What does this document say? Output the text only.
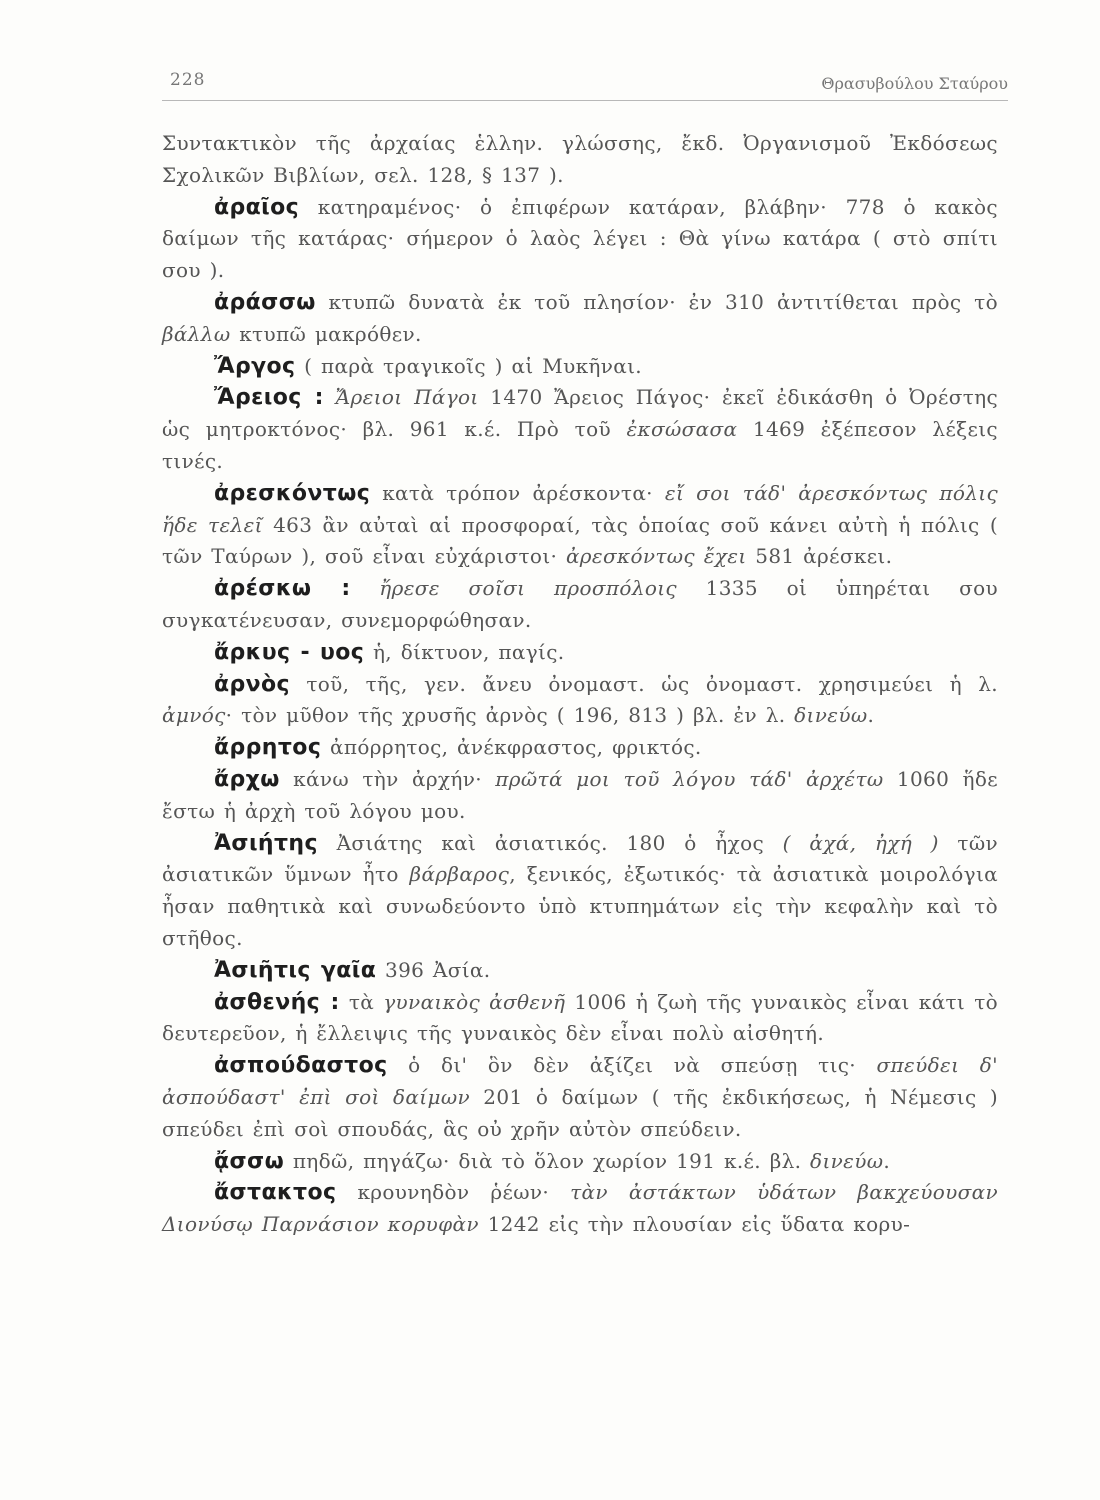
228	Θρασυβούλου Σταύρου

Συντακτικὸν τῆς ἀρχαίας ἑλλην. γλώσσης, ἔκδ. Ὀργανισμοῦ Ἐκδόσεως Σχολικῶν Βιβλίων, σελ. 128, § 137 ).

ἀραῖος κατηραμένος· ὁ ἐπιφέρων κατάραν, βλάβην· 778 ὁ κακὸς δαίμων τῆς κατάρας· σήμερον ὁ λαὸς λέγει : Θὰ γίνω κατάρα ( στὸ σπίτι σου ).

ἀράσσω κτυπῶ δυνατὰ ἐκ τοῦ πλησίον· ἐν 310 ἀντιτίθεται πρὸς τὸ βάλλω κτυπῶ μακρόθεν.

Ἄργος ( παρὰ τραγικοῖς ) αἱ Μυκῆναι.

Ἄρειος : Ἄρειοι Πάγοι 1470 Ἄρειος Πάγος· ἐκεῖ ἐδικάσθη ὁ Ὀρέστης ὡς μητροκτόνος· βλ. 961 κ.έ. Πρὸ τοῦ ἐκσώσασα 1469 ἐξέπεσον λέξεις τινές.

ἀρεσκόντως κατὰ τρόπον ἀρέσκοντα· εἴ σοι τάδ' ἀρεσκόντως πόλις ἥδε τελεῖ 463 ἂν αὐταὶ αἱ προσφοραί, τὰς ὁποίας σοῦ κάνει αὐτὴ ἡ πόλις ( τῶν Ταύρων ), σοῦ εἶναι εὐχάριστοι· ἀρεσκόντως ἔχει 581 ἀρέσκει.

ἀρέσκω : ἤρεσε σοῖσι προσπόλοις 1335 οἱ ὑπηρέται σου συγκατένευσαν, συνεμορφώθησαν.

ἄρκυς - υος ἡ, δίκτυον, παγίς.

ἀρνὸς τοῦ, τῆς, γεν. ἄνευ ὀνομαστ. ὡς ὀνομαστ. χρησιμεύει ἡ λ. ἀμνός· τὸν μῦθον τῆς χρυσῆς ἀρνὸς ( 196, 813 ) βλ. ἐν λ. δινεύω.

ἄρρητος ἀπόρρητος, ἀνέκφραστος, φρικτός.

ἄρχω κάνω τὴν ἀρχήν· πρῶτά μοι τοῦ λόγου τάδ' ἀρχέτω 1060 ἥδε ἔστω ἡ ἀρχὴ τοῦ λόγου μου.

Ἀσιήτης Ἀσιάτης καὶ ἀσιατικός. 180 ὁ ἦχος ( ἀχά, ἠχή ) τῶν ἀσιατικῶν ὕμνων ἦτο βάρβαρος, ξενικός, ἐξωτικός· τὰ ἀσιατικὰ μοιρολόγια ἦσαν παθητικὰ καὶ συνωδεύοντο ὑπὸ κτυπημάτων εἰς τὴν κεφαλὴν καὶ τὸ στῆθος.

Ἀσιῆτις γαῖα 396 Ἀσία.

ἀσθενής : τὰ γυναικὸς ἀσθενῆ 1006 ἡ ζωὴ τῆς γυναικὸς εἶναι κάτι τὸ δευτερεῦον, ἡ ἔλλειψις τῆς γυναικὸς δὲν εἶναι πολὺ αἰσθητή.

ἀσπούδαστος ὁ δι' ὃν δὲν ἀξίζει νὰ σπεύσῃ τις· σπεύδει δ' ἀσπούδαστ' ἐπὶ σοὶ δαίμων 201 ὁ δαίμων ( τῆς ἐκδικήσεως, ἡ Νέμεσις ) σπεύδει ἐπὶ σοὶ σπουδάς, ἃς οὐ χρῆν αὐτὸν σπεύδειν.

ᾄσσω πηδῶ, πηγάζω· διὰ τὸ ὅλον χωρίον 191 κ.έ. βλ. δινεύω.

ἄστακτος κρουνηδὸν ῥέων· τὰν ἀστάκτων ὑδάτων βακχεύουσαν Διονύσῳ Παρνάσιον κορυφὰν 1242 εἰς τὴν πλουσίαν εἰς ὕδατα κορυ-
